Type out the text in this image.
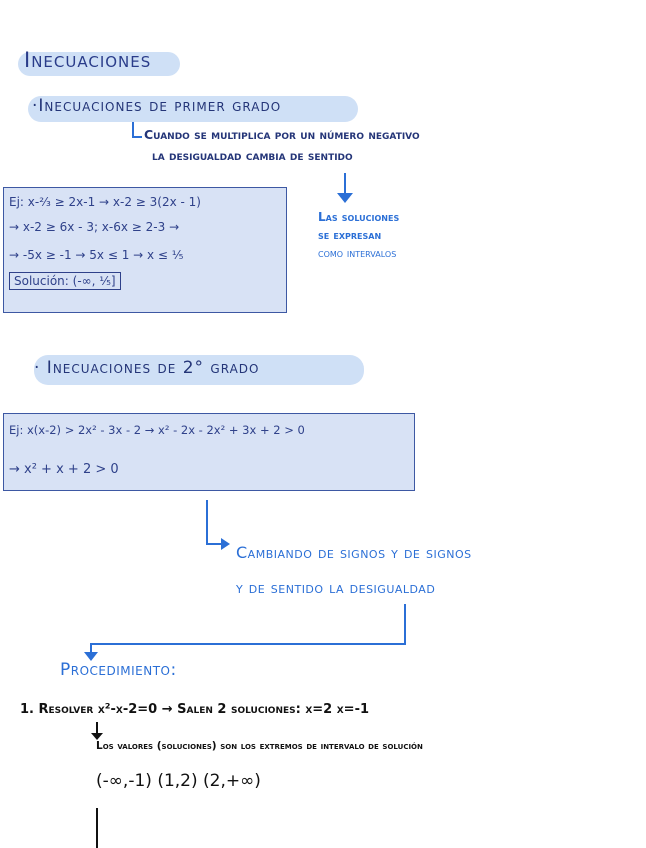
Inecuaciones
·Inecuaciones de primer grado
Cuando se multiplica por un número negativo
la desigualdad cambia de sentido
Las soluciones
se expresan
como intervalos
Ej: x-²⁄₃ ≥ 2x-1 → x-2 ≥ 3(2x - 1)
→ x-2 ≥ 6x - 3; x-6x ≥ 2-3 →
→ -5x ≥ -1 → 5x ≤ 1 → x ≤ ¹⁄₅
Solución: (-∞, ¹⁄₅]
· Inecuaciones de 2° grado
Ej: x(x-2) > 2x² - 3x - 2 → x² - 2x - 2x² + 3x + 2 > 0
→ x² + x + 2 > 0
Cambiando de signos y de signos
y de sentido la desigualdad
Procedimiento:
1. Resolver x²-x-2=0 → Salen 2 soluciones: x=2 x=-1
Los valores (soluciones) son los extremos de intervalo de solución
(-∞,-1) (1,2) (2,+∞)
